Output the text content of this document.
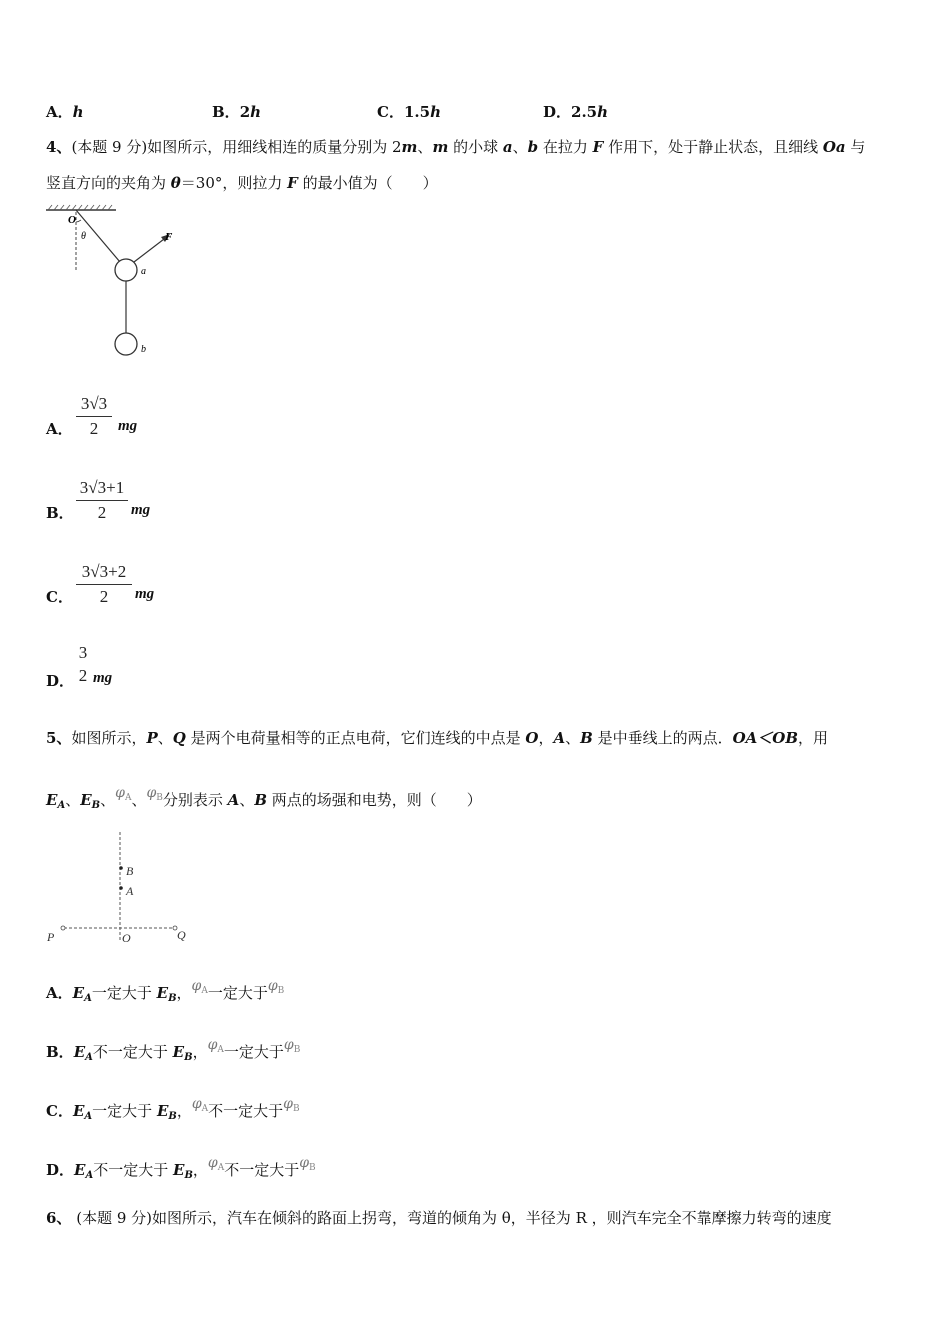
A．h	B．2h	C．1.5h	D．2.5h
4、(本题 9 分)如图所示，用细线相连的质量分别为 2m、m 的小球 a、b 在拉力 F 作用下，处于静止状态，且细线 Oa 与
竖直方向的夹角为 θ＝30°，则拉力 F 的最小值为（　　）
O
θ	F
a
b
A．
3√3
2	mg
B．
3√3+1
2	mg
C．
3√3+2
2	mg
D．
3
2 mg
5、如图所示，P、Q 是两个电荷量相等的正点电荷，它们连线的中点是 O，A、B 是中垂线上的两点．OA＜OB，用
$E_A$、$E_B$、$\varphi_A$、$\varphi_B$分别表示 A、B 两点的场强和电势，则（　　）
B
A
P	O	Q
A．$E_A$一定大于 $E_B$，$\varphi_A$一定大于$\varphi_B$
B．$E_A$不一定大于 $E_B$，$\varphi_A$一定大于$\varphi_B$
C．$E_A$一定大于 $E_B$，$\varphi_A$不一定大于$\varphi_B$
D．$E_A$不一定大于 $E_B$，$\varphi_A$不一定大于$\varphi_B$
6、 (本题 9 分)如图所示，汽车在倾斜的路面上拐弯，弯道的倾角为 θ，半径为 R ，则汽车完全不靠摩擦力转弯的速度
